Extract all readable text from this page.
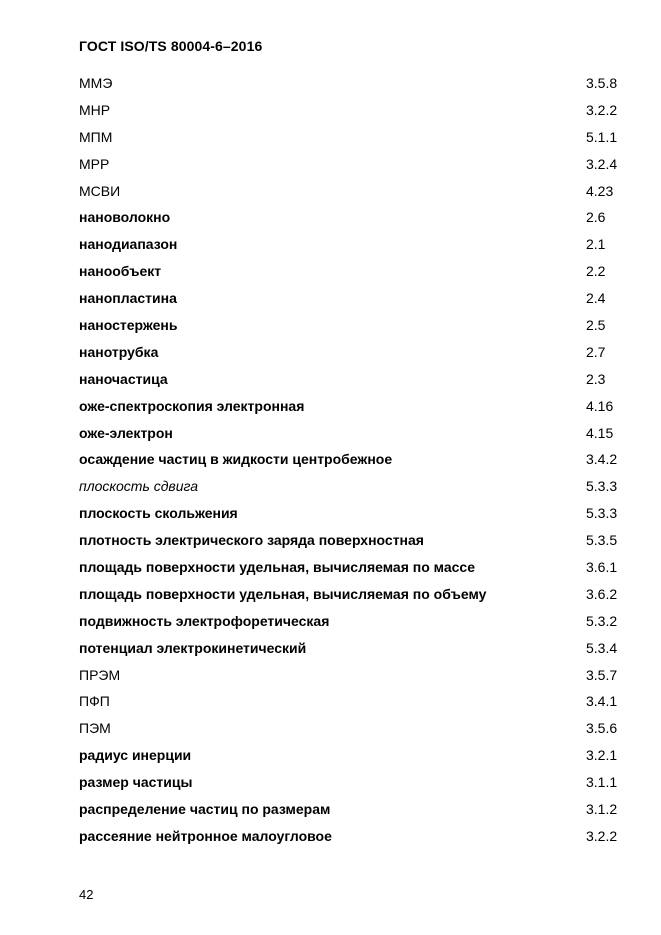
ГОСТ ISO/TS 80004-6–2016
ММЭ	3.5.8
МНР	3.2.2
МПМ	5.1.1
МРР	3.2.4
МСВИ	4.23
нановолокно	2.6
нанодиапазон	2.1
нанообъект	2.2
нанопластина	2.4
наностержень	2.5
нанотрубка	2.7
наночастица	2.3
оже-спектроскопия электронная	4.16
оже-электрон	4.15
осаждение частиц в жидкости центробежное	3.4.2
плоскость сдвига	5.3.3
плоскость скольжения	5.3.3
плотность электрического заряда поверхностная	5.3.5
площадь поверхности удельная, вычисляемая по массе	3.6.1
площадь поверхности удельная, вычисляемая по объему	3.6.2
подвижность электрофоретическая	5.3.2
потенциал электрокинетический	5.3.4
ПРЭМ	3.5.7
ПФП	3.4.1
ПЭМ	3.5.6
радиус инерции	3.2.1
размер частицы	3.1.1
распределение частиц по размерам	3.1.2
рассеяние нейтронное малоугловое	3.2.2
42
